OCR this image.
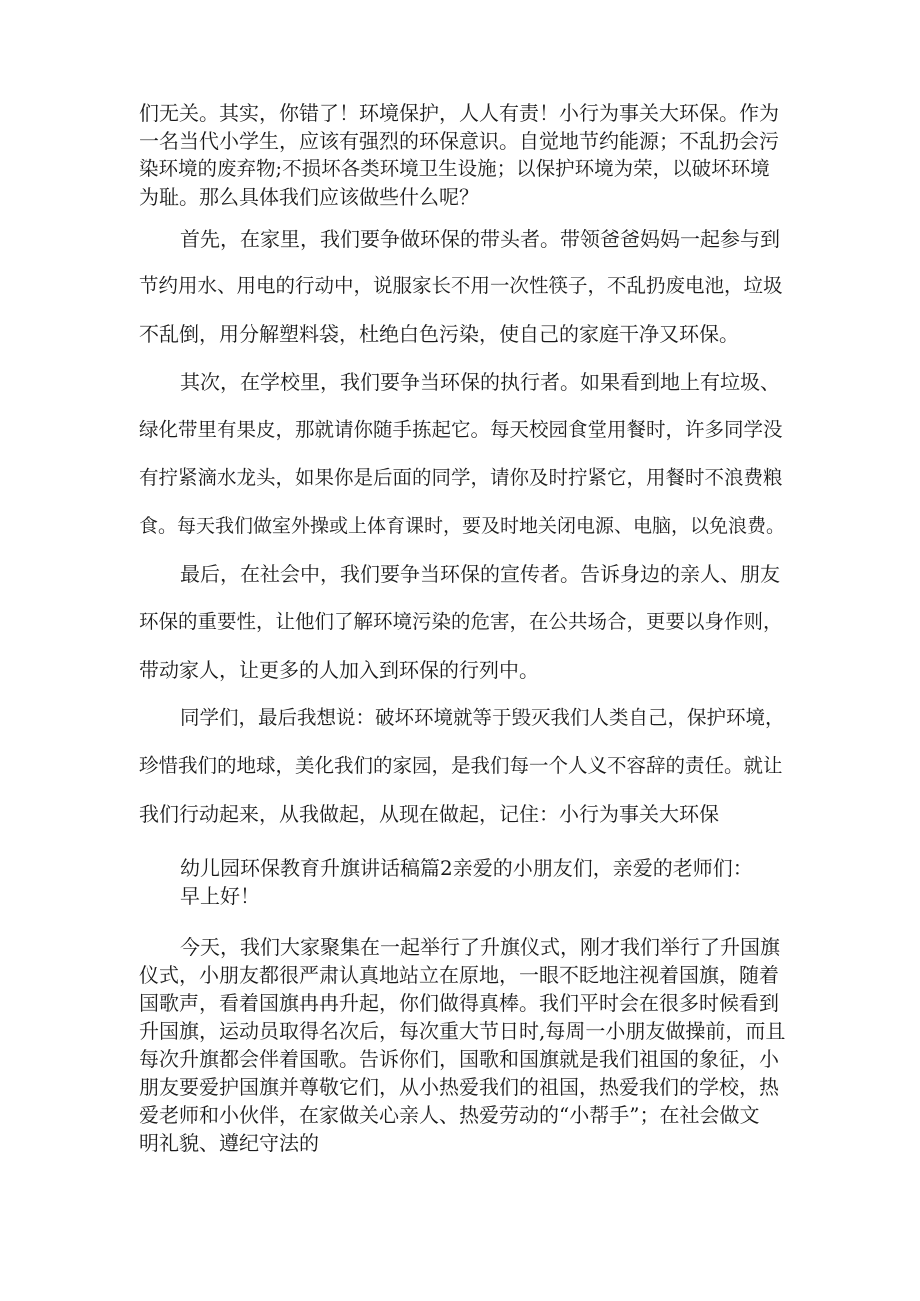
们无关。其实，你错了！环境保护，人人有责！小行为事关大环保。作为
一名当代小学生，应该有强烈的环保意识。自觉地节约能源；不乱扔会污
染环境的废弃物;不损坏各类环境卫生设施；以保护环境为荣，以破坏环境
为耻。那么具体我们应该做些什么呢？
首先，在家里，我们要争做环保的带头者。带领爸爸妈妈一起参与到
节约用水、用电的行动中，说服家长不用一次性筷子，不乱扔废电池，垃圾
不乱倒，用分解塑料袋，杜绝白色污染，使自己的家庭干净又环保。
其次，在学校里，我们要争当环保的执行者。如果看到地上有垃圾、
绿化带里有果皮，那就请你随手拣起它。每天校园食堂用餐时，许多同学没
有拧紧滴水龙头，如果你是后面的同学，请你及时拧紧它，用餐时不浪费粮
食。每天我们做室外操或上体育课时，要及时地关闭电源、电脑，以免浪费。
最后，在社会中，我们要争当环保的宣传者。告诉身边的亲人、朋友
环保的重要性，让他们了解环境污染的危害，在公共场合，更要以身作则，
带动家人，让更多的人加入到环保的行列中。
同学们，最后我想说：破坏环境就等于毁灭我们人类自己，保护环境，
珍惜我们的地球，美化我们的家园，是我们每一个人义不容辞的责任。就让
我们行动起来，从我做起，从现在做起，记住：小行为事关大环保
幼儿园环保教育升旗讲话稿篇2亲爱的小朋友们，亲爱的老师们：
早上好！
今天，我们大家聚集在一起举行了升旗仪式，刚才我们举行了升国旗
仪式，小朋友都很严肃认真地站立在原地，一眼不眨地注视着国旗，随着
国歌声，看着国旗冉冉升起，你们做得真棒。我们平时会在很多时候看到
升国旗，运动员取得名次后，每次重大节日时,每周一小朋友做操前，而且
每次升旗都会伴着国歌。告诉你们，国歌和国旗就是我们祖国的象征，小
朋友要爱护国旗并尊敬它们，从小热爱我们的祖国，热爱我们的学校，热
爱老师和小伙伴，在家做关心亲人、热爱劳动的“小帮手”；在社会做文
明礼貌、遵纪守法的
